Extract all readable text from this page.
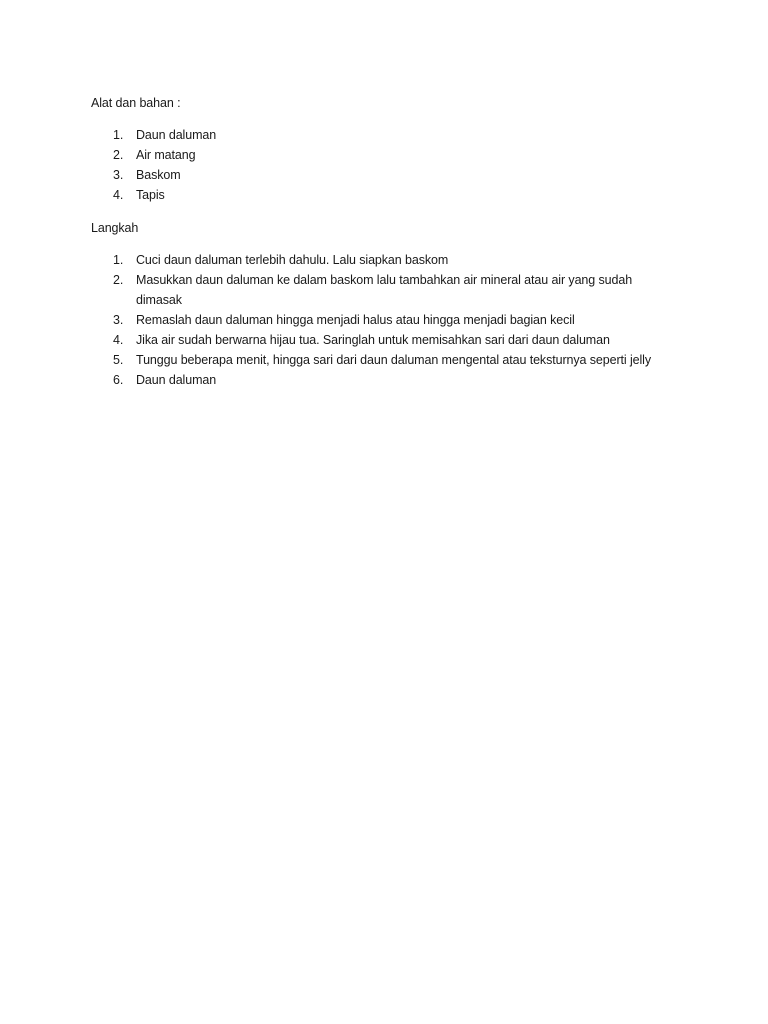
Alat dan bahan :

1. Daun daluman
2. Air matang
3. Baskom
4. Tapis

Langkah

1. Cuci daun daluman terlebih dahulu. Lalu siapkan baskom
2. Masukkan daun daluman ke dalam baskom lalu tambahkan air mineral atau air yang sudah dimasak
3. Remaslah daun daluman hingga menjadi halus atau hingga menjadi bagian kecil
4. Jika air sudah berwarna hijau tua. Saringlah untuk memisahkan sari dari daun daluman
5. Tunggu beberapa menit, hingga sari dari daun daluman mengental atau teksturnya seperti jelly
6. Daun daluman
